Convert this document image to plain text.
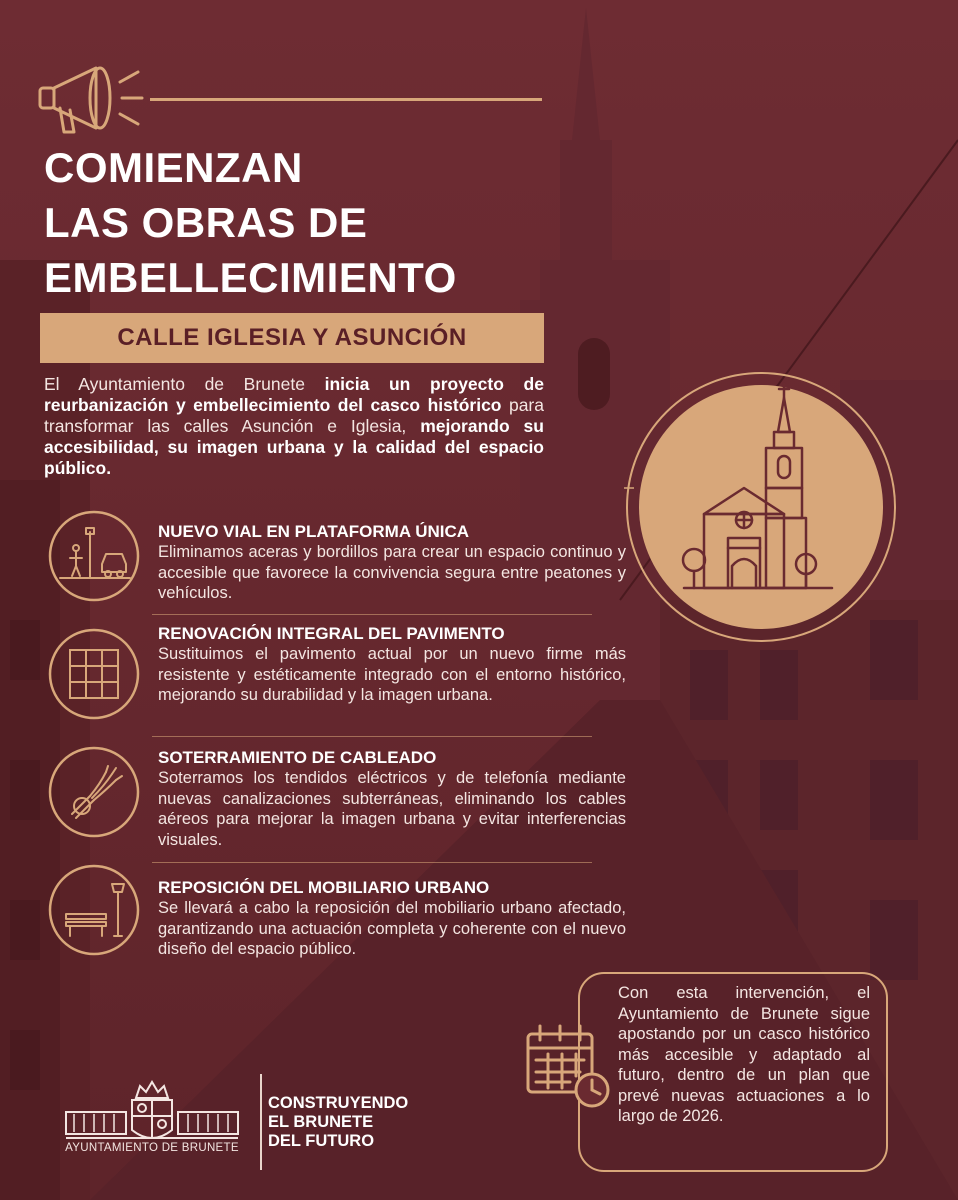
COMIENZAN
LAS OBRAS DE
EMBELLECIMIENTO
CALLE IGLESIA Y ASUNCIÓN
El Ayuntamiento de Brunete inicia un proyecto de reurbanización y embellecimiento del casco histórico para transformar las calles Asunción e Iglesia, mejorando su accesibilidad, su imagen urbana y la calidad del espacio público.
NUEVO VIAL EN PLATAFORMA ÚNICA
Eliminamos aceras y bordillos para crear un espacio continuo y accesible que favorece la convivencia segura entre peatones y vehículos.
RENOVACIÓN INTEGRAL DEL PAVIMENTO
Sustituimos el pavimento actual por un nuevo firme más resistente y estéticamente integrado con el entorno histórico, mejorando su durabilidad y la imagen urbana.
SOTERRAMIENTO DE CABLEADO
Soterramos los tendidos eléctricos y de telefonía mediante nuevas canalizaciones subterráneas, eliminando los cables aéreos para mejorar la imagen urbana y evitar interferencias visuales.
REPOSICIÓN DEL MOBILIARIO URBANO
Se llevará a cabo la reposición del mobiliario urbano afectado, garantizando una actuación completa y coherente con el nuevo diseño del espacio público.
Con esta intervención, el Ayuntamiento de Brunete sigue apostando por un casco histórico más accesible y adaptado al futuro, dentro de un plan que prevé nuevas actuaciones a lo largo de 2026.
AYUNTAMIENTO DE BRUNETE
CONSTRUYENDO
EL BRUNETE
DEL FUTURO
